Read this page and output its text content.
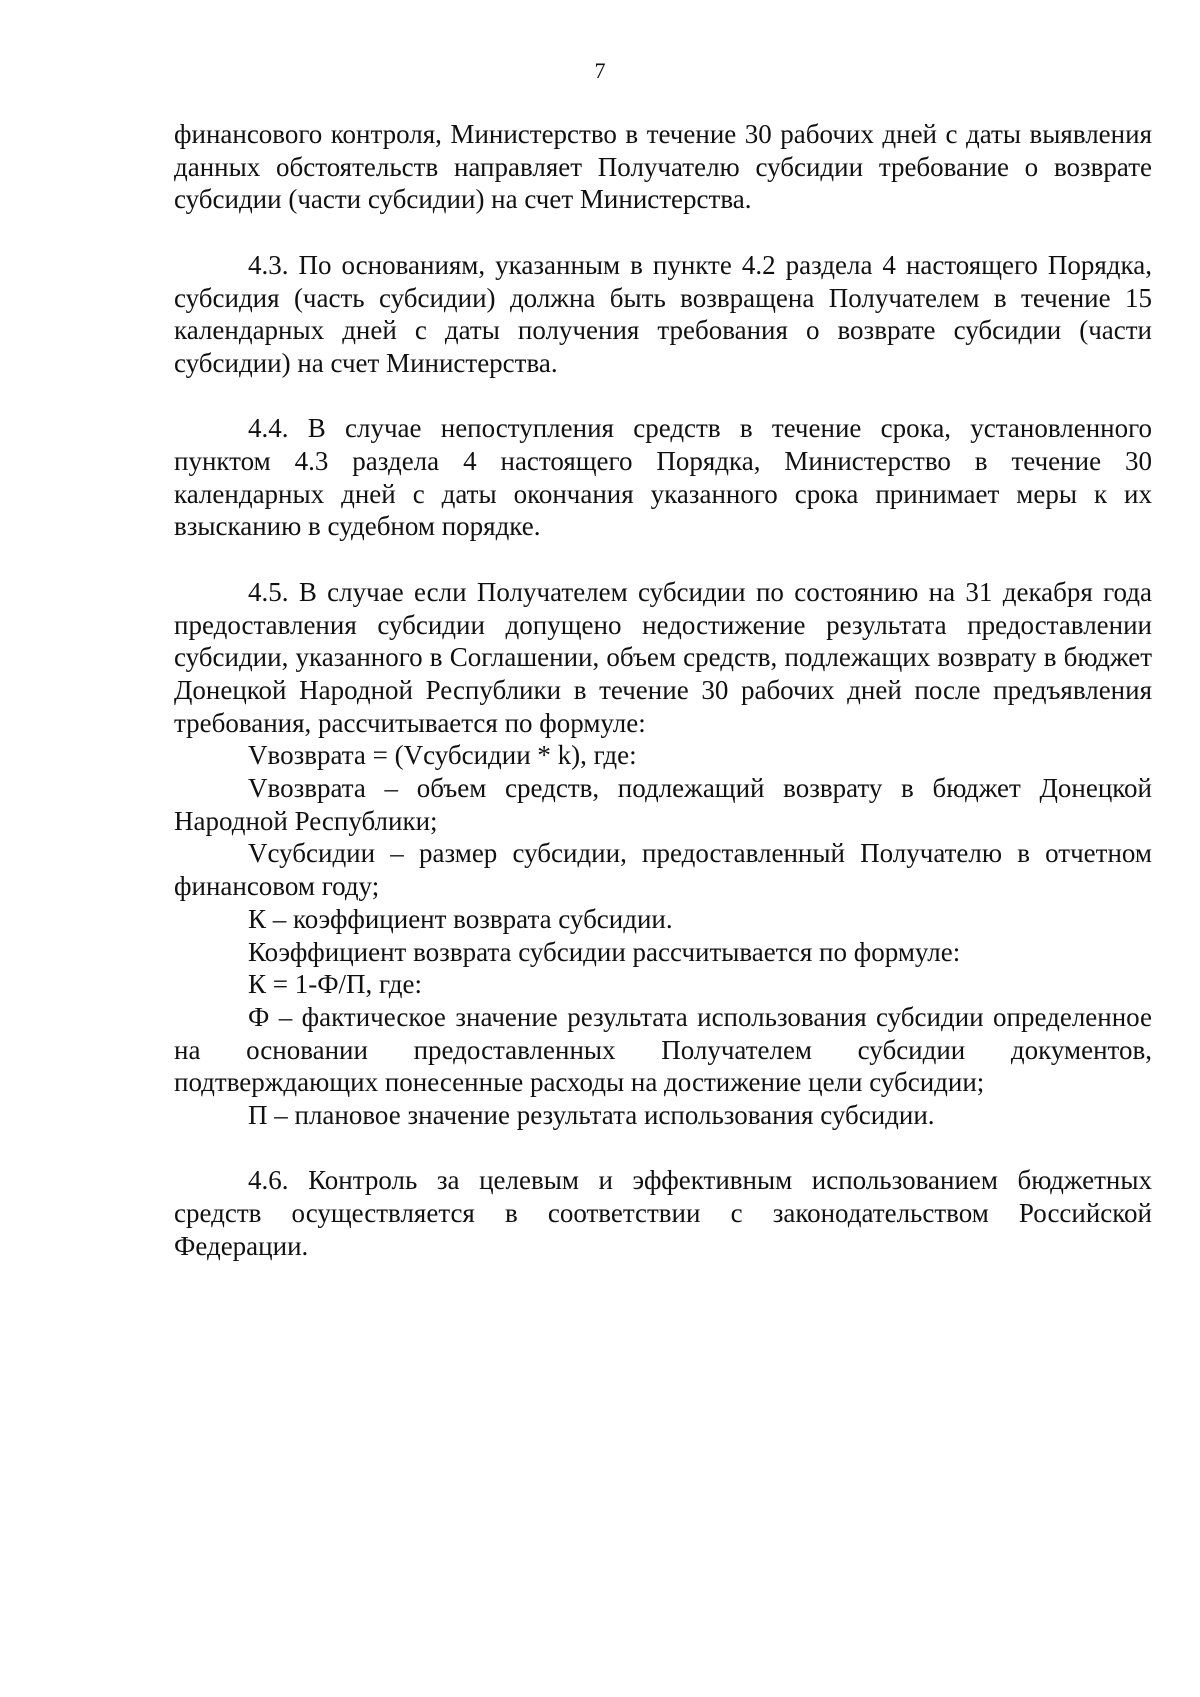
7

финансового контроля, Министерство в течение 30 рабочих дней с даты выявления данных обстоятельств направляет Получателю субсидии требование о возврате субсидии (части субсидии) на счет Министерства.

4.3. По основаниям, указанным в пункте 4.2 раздела 4 настоящего Порядка, субсидия (часть субсидии) должна быть возвращена Получателем в течение 15 календарных дней с даты получения требования о возврате субсидии (части субсидии) на счет Министерства.

4.4. В случае непоступления средств в течение срока, установленного пунктом 4.3 раздела 4 настоящего Порядка, Министерство в течение 30 календарных дней с даты окончания указанного срока принимает меры к их взысканию в судебном порядке.

4.5. В случае если Получателем субсидии по состоянию на 31 декабря года предоставления субсидии допущено недостижение результата предоставлении субсидии, указанного в Соглашении, объем средств, подлежащих возврату в бюджет Донецкой Народной Республики в течение 30 рабочих дней после предъявления требования, рассчитывается по формуле:

Vвозврата = (Vсубсидии * k), где:

Vвозврата – объем средств, подлежащий возврату в бюджет Донецкой Народной Республики;

Vсубсидии – размер субсидии, предоставленный Получателю в отчетном финансовом году;

К – коэффициент возврата субсидии.

Коэффициент возврата субсидии рассчитывается по формуле:

К = 1-Ф/П, где:

Ф – фактическое значение результата использования субсидии определенное на основании предоставленных Получателем субсидии документов, подтверждающих понесенные расходы на достижение цели субсидии;

П – плановое значение результата использования субсидии.

4.6. Контроль за целевым и эффективным использованием бюджетных средств осуществляется в соответствии с законодательством Российской Федерации.
